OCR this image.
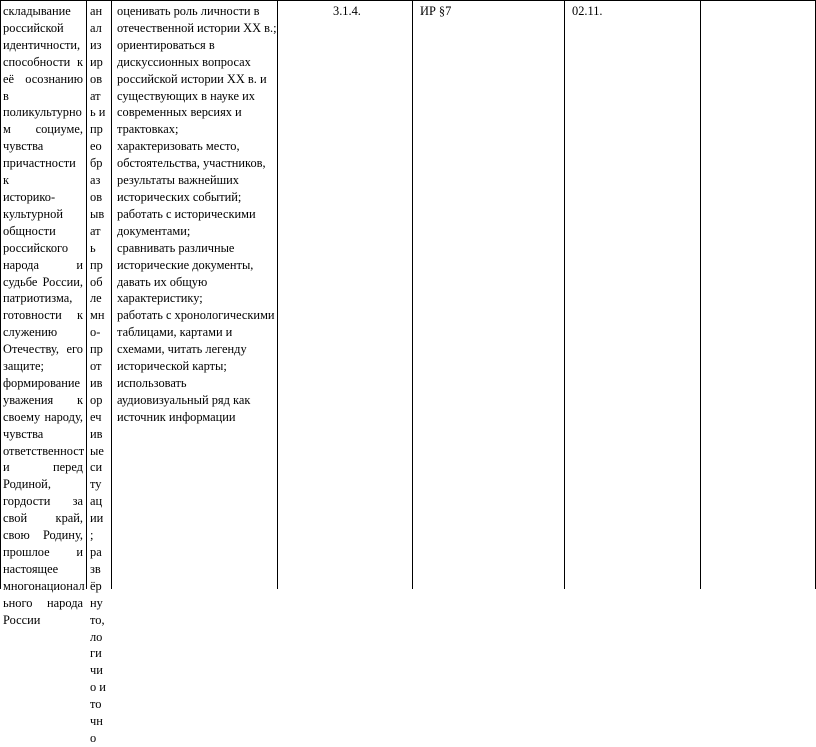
складывание
российской
идентичности,
способности к
её осознанию в
поликультурно
м социуме,
чувства
причастности к
историко-
культурной
общности
российского
народа и
судьбе России,
патриотизма,
готовности к
служению
Отечеству, его
защите;
формирование
уважения к
своему народу,
чувства
ответственност
и перед
Родиной,
гордости за
свой край,
свою Родину,
прошлое и
настоящее
многонационал
ьного народа
России
ан
ал
из
ир
ов
ат
ь и
пр
ео
бр
аз
ов
ыв
ат
ь
пр
об
ле
мн
о-
пр
от
ив
ор
еч
ив
ые
си
ту
ац
ии
;
ра
зв
ёр
ну
то,
ло
ги
чи
о и
то
чн
о
оценивать роль личности в
отечественной истории XX в.;
ориентироваться в
дискуссионных вопросах
российской истории XX в. и
существующих в науке их
современных версиях и
трактовках;
характеризовать место,
обстоятельства, участников,
результаты важнейших
исторических событий;
работать с историческими
документами;
сравнивать различные
исторические документы,
давать их общую
характеристику;
работать с хронологическими
таблицами, картами и
схемами, читать легенду
исторической карты;
использовать
аудиовизуальный ряд как
источник информации
3.1.4.	ИР §7	02.11.
